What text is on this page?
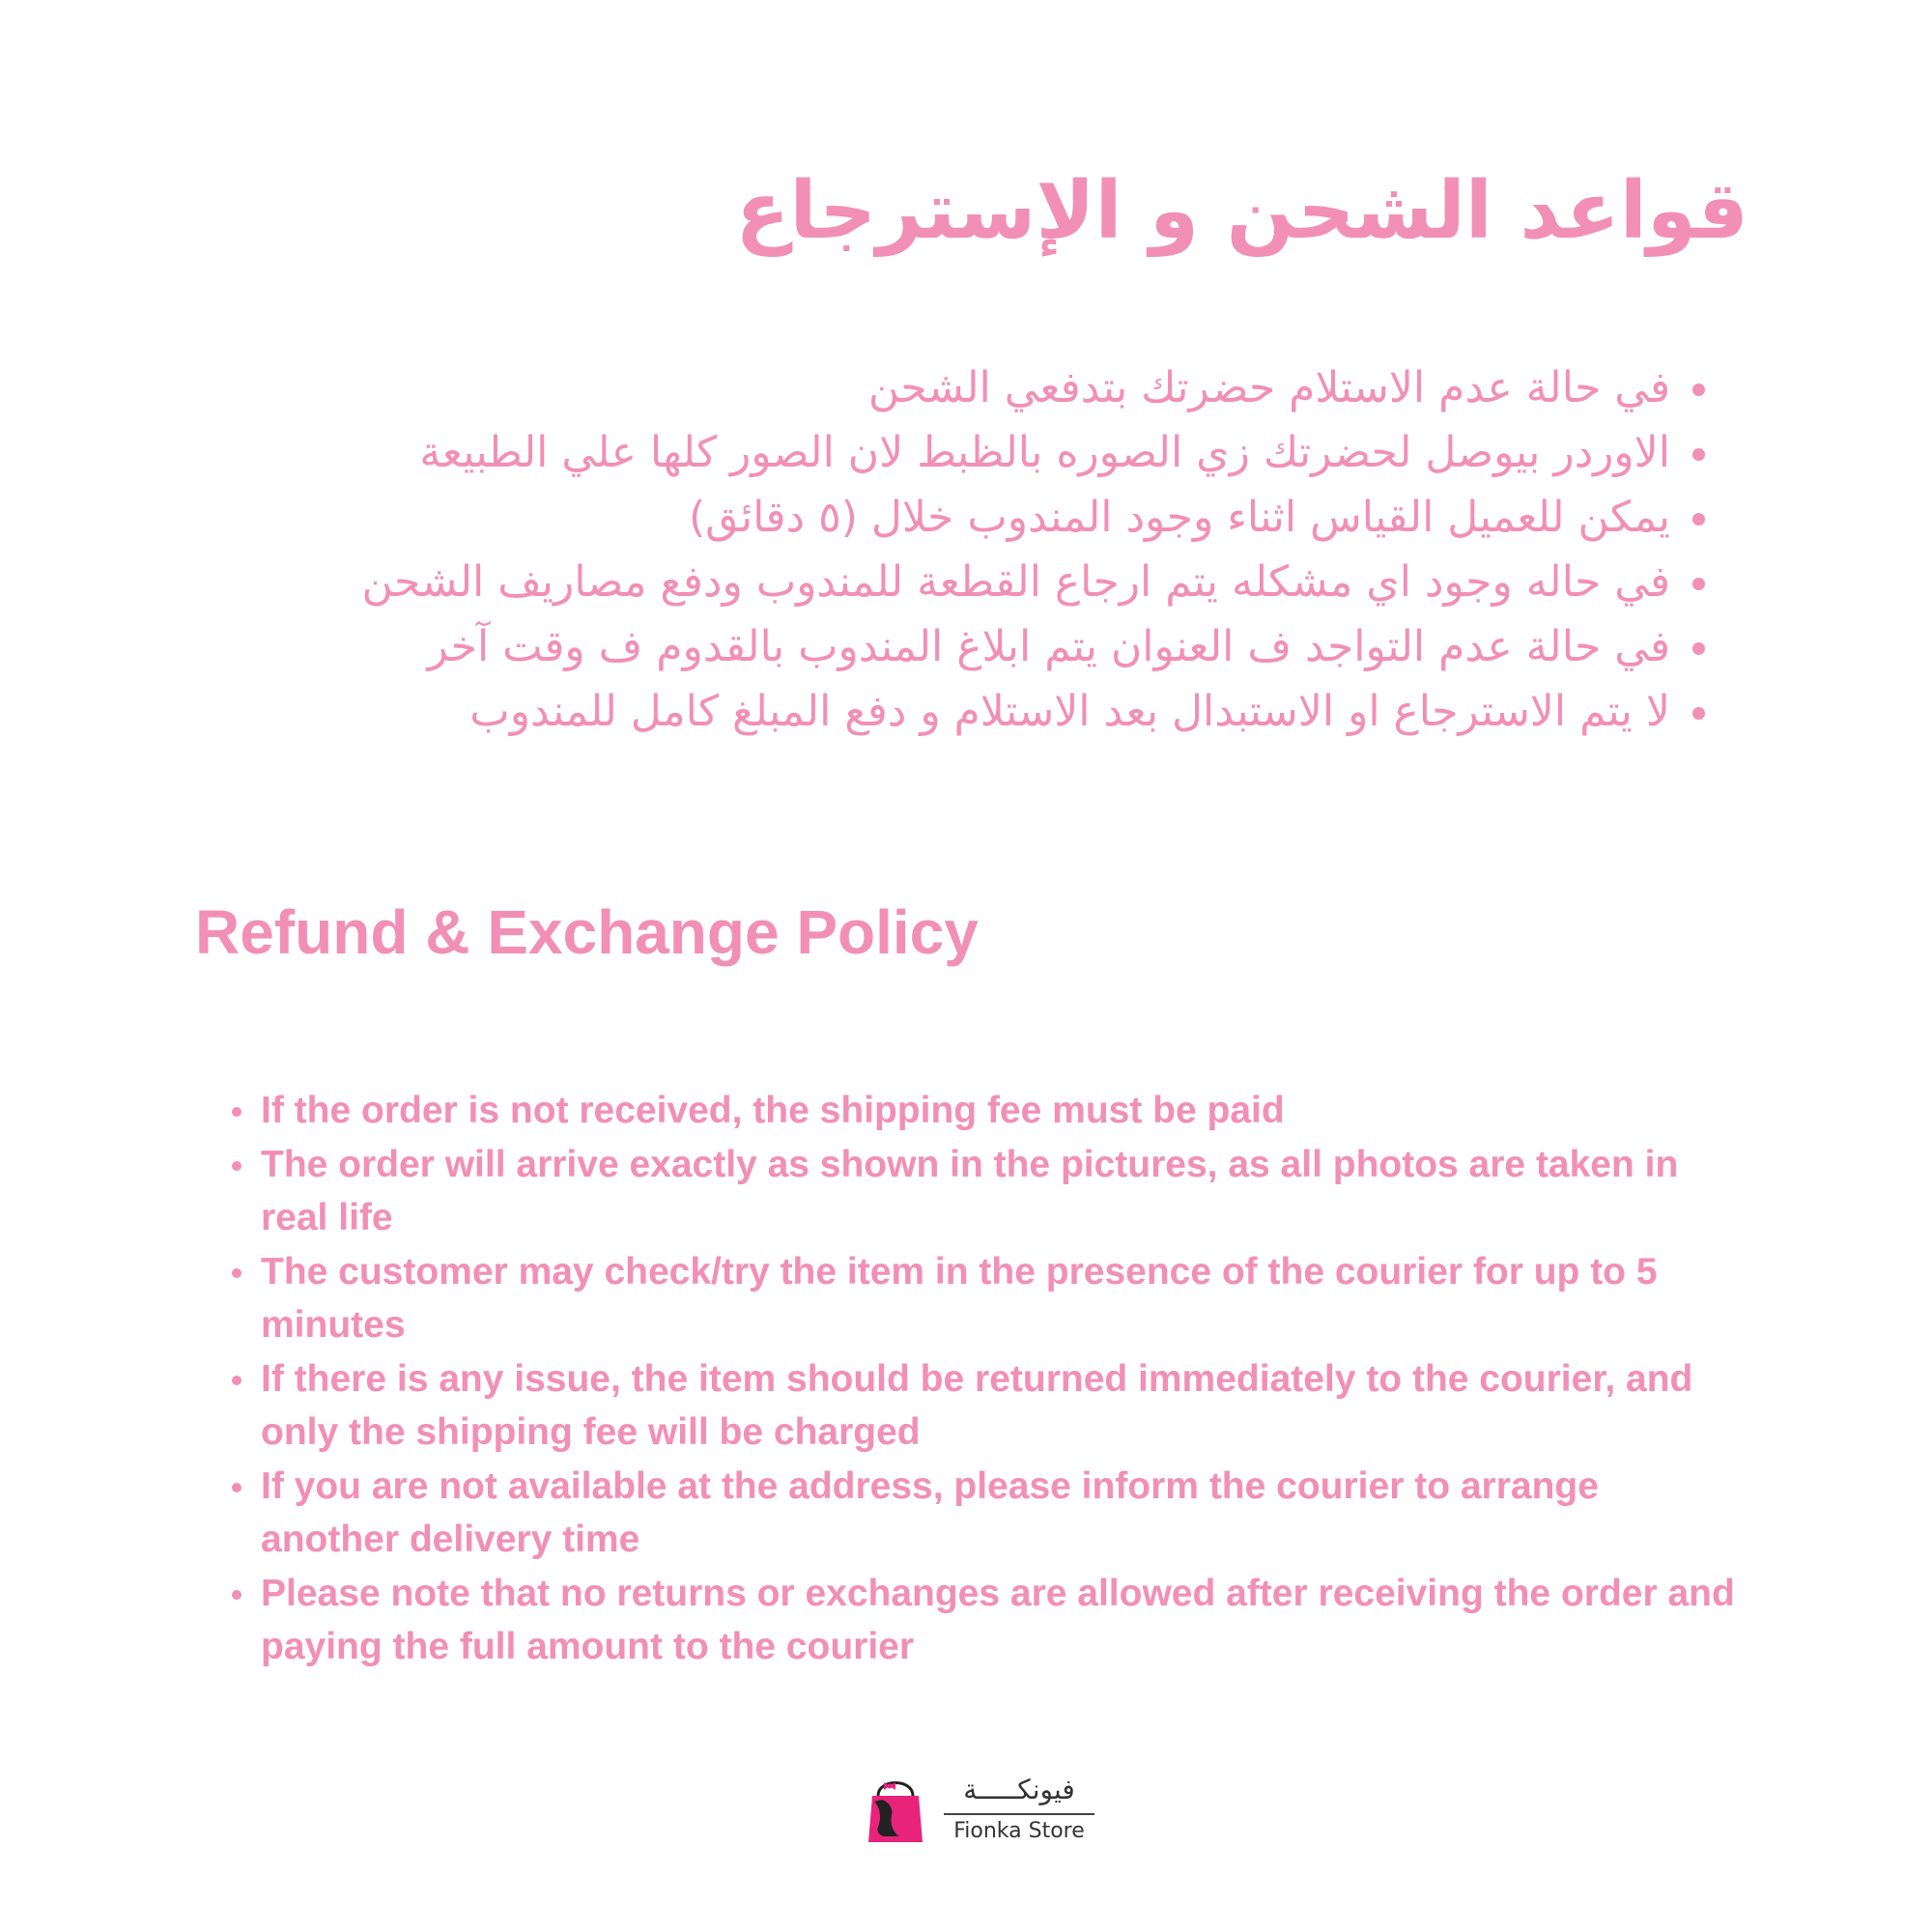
قواعد الشحن و الإسترجاع
في حالة عدم الاستلام حضرتك بتدفعي الشحن
الاوردر بيوصل لحضرتك زي الصوره بالظبط لان الصور كلها علي الطبيعة
يمكن للعميل القياس اثناء وجود المندوب خلال (٥ دقائق)
في حاله وجود اي مشكله يتم ارجاع القطعة للمندوب ودفع مصاريف الشحن
في حالة عدم التواجد ف العنوان يتم ابلاغ المندوب بالقدوم ف وقت آخر
لا يتم الاسترجاع او الاستبدال بعد الاستلام و دفع المبلغ كامل للمندوب
Refund & Exchange Policy
If the order is not received, the shipping fee must be paid
The order will arrive exactly as shown in the pictures, as all photos are taken in real life
The customer may check/try the item in the presence of the courier for up to 5 minutes
If there is any issue, the item should be returned immediately to the courier, and only the shipping fee will be charged
If you are not available at the address, please inform the courier to arrange another delivery time
Please note that no returns or exchanges are allowed after receiving the order and paying the full amount to the courier
فيونكـــــة
Fionka Store
